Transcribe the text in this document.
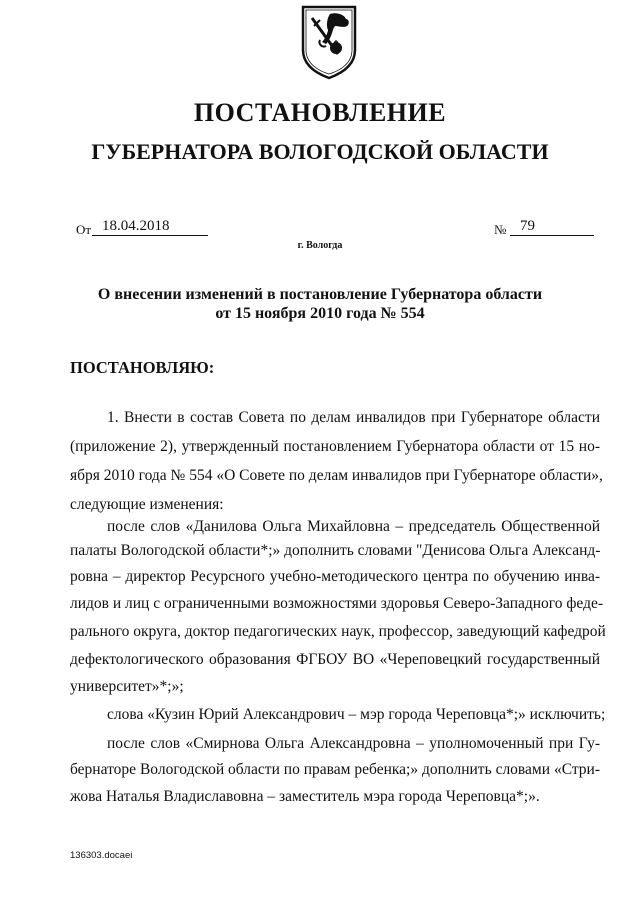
ПОСТАНОВЛЕНИЕ
ГУБЕРНАТОРА ВОЛОГОДСКОЙ ОБЛАСТИ
От 18.04.2018	№ 79
г. Вологда
О внесении изменений в постановление Губернатора области
от 15 ноября 2010 года № 554
ПОСТАНОВЛЯЮ:
1. Внести в состав Совета по делам инвалидов при Губернаторе области
(приложение 2), утвержденный постановлением Губернатора области от 15 но-
ября 2010 года № 554 «О Совете по делам инвалидов при Губернаторе области»,
следующие изменения:
после слов «Данилова Ольга Михайловна – председатель Общественной
палаты Вологодской области*;» дополнить словами "Денисова Ольга Александ-
ровна – директор Ресурсного учебно-методического центра по обучению инва-
лидов и лиц с ограниченными возможностями здоровья Северо-Западного феде-
рального округа, доктор педагогических наук, профессор, заведующий кафедрой
дефектологического образования ФГБОУ ВО «Череповецкий государственный
университет»*;»;
слова «Кузин Юрий Александрович – мэр города Череповца*;» исключить;
после слов «Смирнова Ольга Александровна – уполномоченный при Гу-
бернаторе Вологодской области по правам ребенка;» дополнить словами «Стри-
жова Наталья Владиславовна – заместитель мэра города Череповца*;».
136303.docaei
